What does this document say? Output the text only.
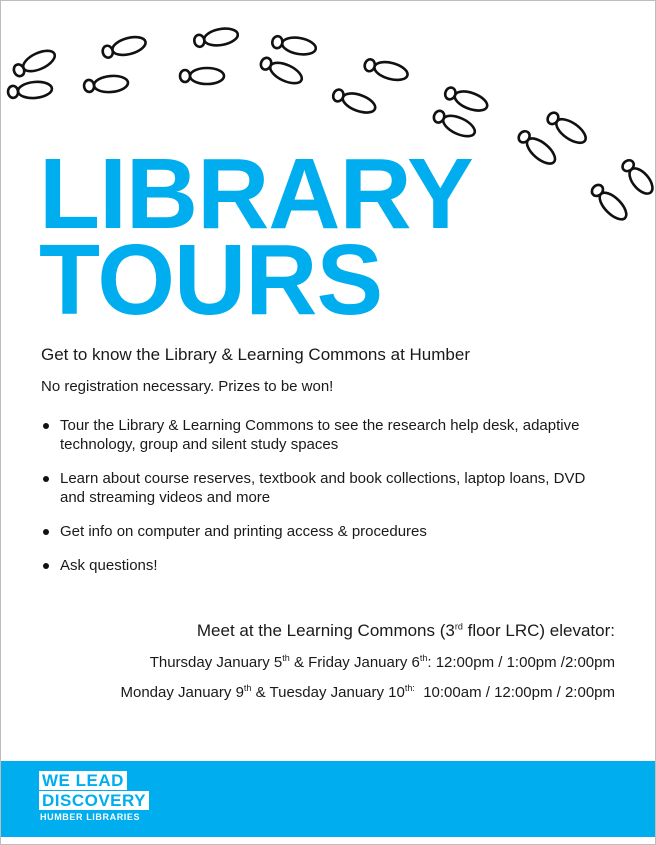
LIBRARY
TOURS

Get to know the Library & Learning Commons at Humber

No registration necessary. Prizes to be won!

Tour the Library & Learning Commons to see the research help desk, adaptive technology, group and silent study spaces
Learn about course reserves, textbook and book collections, laptop loans, DVD and streaming videos and more
Get info on computer and printing access & procedures
Ask questions!

Meet at the Learning Commons (3rd floor LRC) elevator:

Thursday January 5th & Friday January 6th: 12:00pm / 1:00pm /2:00pm

Monday January 9th & Tuesday January $10^{th:}$  10:00am / 12:00pm / 2:00pm

WE LEAD
DISCOVERY
HUMBER LIBRARIES
